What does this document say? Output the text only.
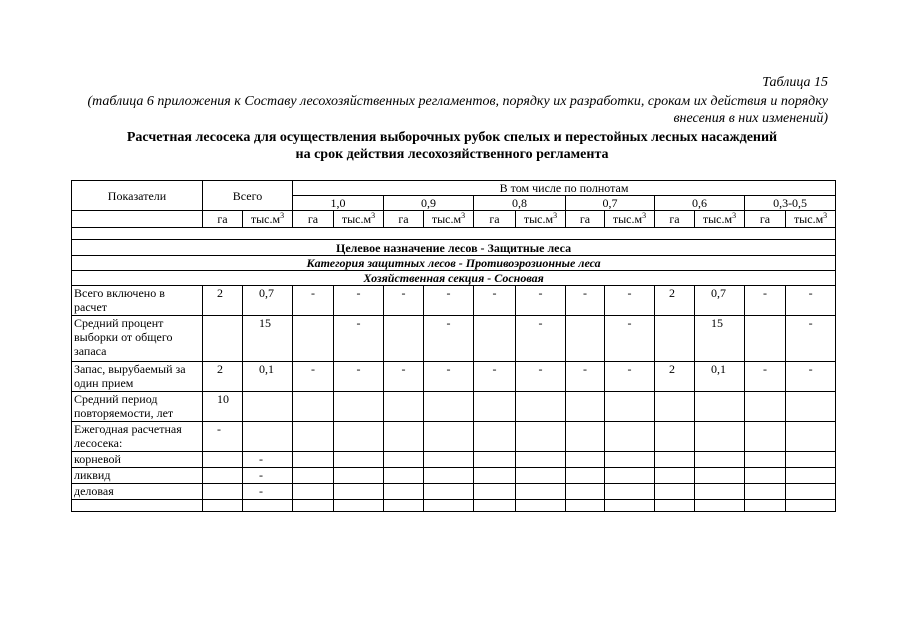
Таблица 15
(таблица 6 приложения к Составу лесохозяйственных регламентов, порядку их разработки, срокам их действия и порядку внесения в них изменений)
Расчетная лесосека для осуществления выборочных рубок спелых и перестойных лесных насаждений
на срок действия лесохозяйственного регламента
Показатели	Всего		В том числе по полнотам											
			1,0		0,9		0,8		0,7		0,6		0,3-0,5	
	га	$тыс.м^3$	га	$тыс.м^3$	га	$тыс.м^3$	га	$тыс.м^3$	га	$тыс.м^3$	га	$тыс.м^3$	га	$тыс.м^3$

Целевое назначение лесов - Защитные леса														
Категория защитных лесов - Противоэрозионные леса														
Хозяйственная секция - Сосновая														
Всего включено в расчет	2	0,7	-	-	-	-	-	-	-	-	2	0,7	-	-
Средний процент выборки от общего запаса		15		-		-		-		-		15		-
Запас, вырубаемый за один прием	2	0,1	-	-	-	-	-	-	-	-	2	0,1	-	-
Средний период повторяемости, лет	10													
Ежегодная расчетная лесосека:	-													
корневой		-												
ликвид		-												
деловая		-												
